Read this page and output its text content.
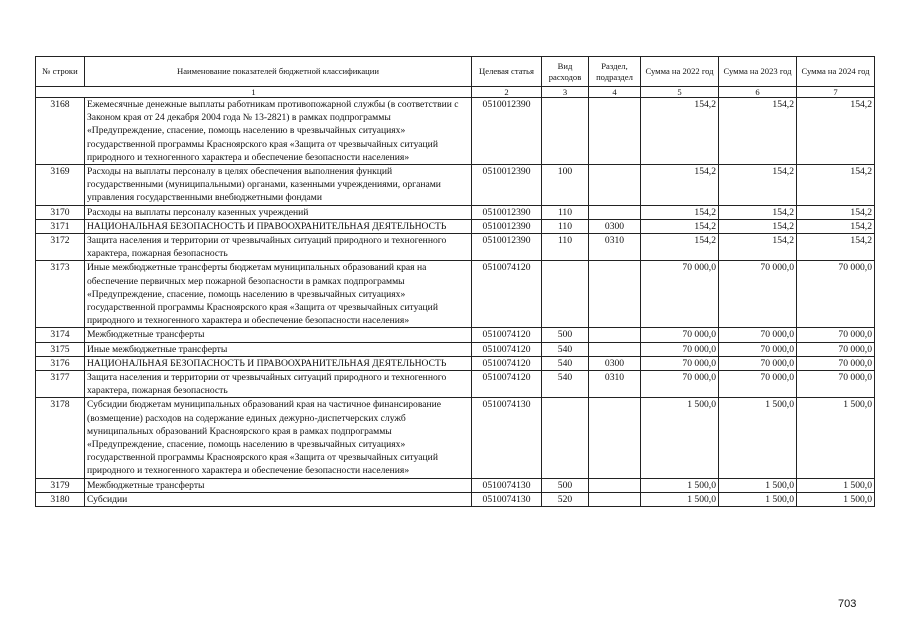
№ строки	Наименование показателей бюджетной классификации	Целевая статья	Вид расходов	Раздел, подраздел	Сумма на 2022 год	Сумма на 2023 год	Сумма на 2024 год
1		2	3	4	5	6	7
3168	Ежемесячные денежные выплаты работникам противопожарной службы (в соответствии с Законом края от 24 декабря 2004 года № 13-2821) в рамках подпрограммы «Предупреждение, спасение, помощь населению в чрезвычайных ситуациях» государственной программы Красноярского края «Защита от чрезвычайных ситуаций природного и техногенного характера и обеспечение безопасности населения»	0510012390			154,2	154,2	154,2
3169	Расходы на выплаты персоналу в целях обеспечения выполнения функций государственными (муниципальными) органами, казенными учреждениями, органами управления государственными внебюджетными фондами	0510012390	100		154,2	154,2	154,2
3170	Расходы на выплаты персоналу казенных учреждений	0510012390	110		154,2	154,2	154,2
3171	НАЦИОНАЛЬНАЯ БЕЗОПАСНОСТЬ И ПРАВООХРАНИТЕЛЬНАЯ ДЕЯТЕЛЬНОСТЬ	0510012390	110	0300	154,2	154,2	154,2
3172	Защита населения и территории от чрезвычайных ситуаций природного и техногенного характера, пожарная безопасность	0510012390	110	0310	154,2	154,2	154,2
3173	Иные межбюджетные трансферты бюджетам муниципальных образований края на обеспечение первичных мер пожарной безопасности в рамках подпрограммы «Предупреждение, спасение, помощь населению в чрезвычайных ситуациях» государственной программы Красноярского края «Защита от чрезвычайных ситуаций природного и техногенного характера и обеспечение безопасности населения»	0510074120			70 000,0	70 000,0	70 000,0
3174	Межбюджетные трансферты	0510074120	500		70 000,0	70 000,0	70 000,0
3175	Иные межбюджетные трансферты	0510074120	540		70 000,0	70 000,0	70 000,0
3176	НАЦИОНАЛЬНАЯ БЕЗОПАСНОСТЬ И ПРАВООХРАНИТЕЛЬНАЯ ДЕЯТЕЛЬНОСТЬ	0510074120	540	0300	70 000,0	70 000,0	70 000,0
3177	Защита населения и территории от чрезвычайных ситуаций природного и техногенного характера, пожарная безопасность	0510074120	540	0310	70 000,0	70 000,0	70 000,0
3178	Субсидии бюджетам муниципальных образований края на частичное финансирование (возмещение) расходов на содержание единых дежурно-диспетчерских служб муниципальных образований Красноярского края в рамках подпрограммы «Предупреждение, спасение, помощь населению в чрезвычайных ситуациях» государственной программы Красноярского края «Защита от чрезвычайных ситуаций природного и техногенного характера и обеспечение безопасности населения»	0510074130			1 500,0	1 500,0	1 500,0
3179	Межбюджетные трансферты	0510074130	500		1 500,0	1 500,0	1 500,0
3180	Субсидии	0510074130	520		1 500,0	1 500,0	1 500,0
703
